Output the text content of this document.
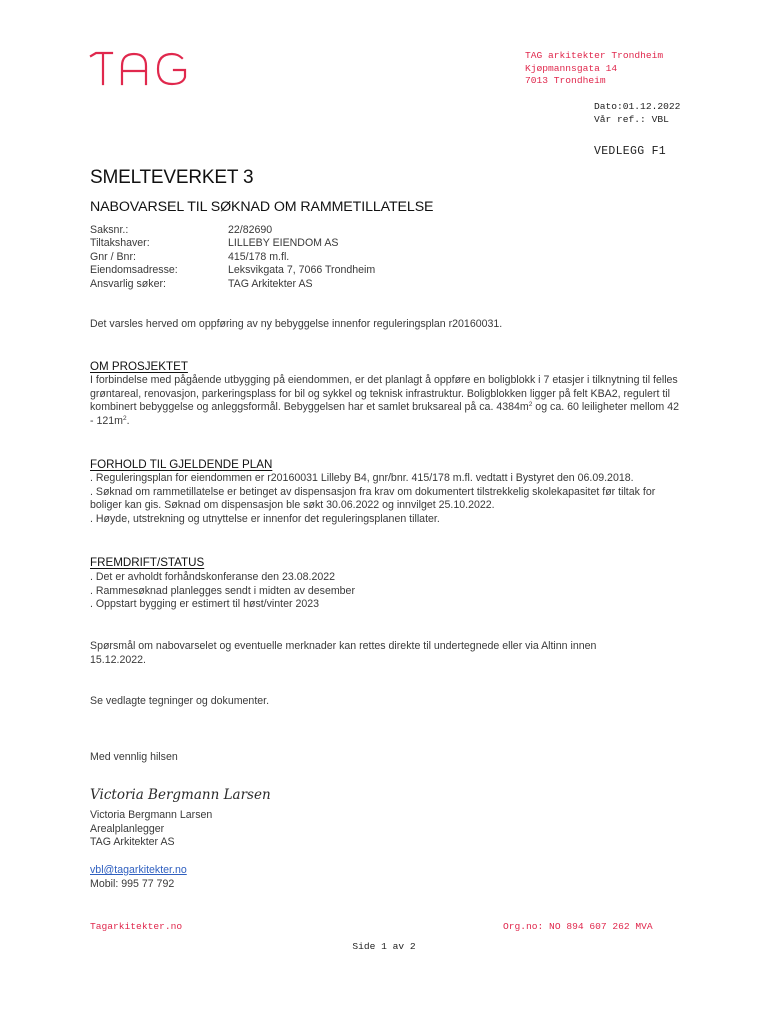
TAG arkitekter Trondheim
Kjøpmannsgata 14
7013 Trondheim
Dato:01.12.2022
Vår ref.: VBL
VEDLEGG F1
SMELTEVERKET 3
NABOVARSEL TIL SØKNAD OM RAMMETILLATELSE
Saksnr.:	22/82690
Tiltakshaver:	LILLEBY EIENDOM AS
Gnr / Bnr:	415/178 m.fl.
Eiendomsadresse:	Leksvikgata 7, 7066 Trondheim
Ansvarlig søker:	TAG Arkitekter AS
Det varsles herved om oppføring av ny bebyggelse innenfor reguleringsplan r20160031.
OM PROSJEKTET
I forbindelse med pågående utbygging på eiendommen, er det planlagt å oppføre en boligblokk i 7 etasjer i tilknytning til felles grøntareal, renovasjon, parkeringsplass for bil og sykkel og teknisk infrastruktur. Boligblokken ligger på felt KBA2, regulert til kombinert bebyggelse og anleggsformål. Bebyggelsen har et samlet bruksareal på ca. $4384m^2$ og ca. 60 leiligheter mellom $42 - 121m^2$.
FORHOLD TIL GJELDENDE PLAN
. Reguleringsplan for eiendommen er r20160031 Lilleby B4, gnr/bnr. 415/178 m.fl. vedtatt i Bystyret den 06.09.2018.
. Søknad om rammetillatelse er betinget av dispensasjon fra krav om dokumentert tilstrekkelig skolekapasitet før tiltak for boliger kan gis. Søknad om dispensasjon ble søkt 30.06.2022 og innvilget 25.10.2022.
. Høyde, utstrekning og utnyttelse er innenfor det reguleringsplanen tillater.
FREMDRIFT/STATUS
. Det er avholdt forhåndskonferanse den 23.08.2022
. Rammesøknad planlegges sendt i midten av desember
. Oppstart bygging er estimert til høst/vinter 2023
Spørsmål om nabovarselet og eventuelle merknader kan rettes direkte til undertegnede eller via Altinn innen 15.12.2022.
Se vedlagte tegninger og dokumenter.
Med vennlig hilsen
Victoria Bergmann Larsen
Victoria Bergmann Larsen
Arealplanlegger
TAG Arkitekter AS
vbl@tagarkitekter.no
Mobil: 995 77 792
Tagarkitekter.no	Org.no: NO 894 607 262 MVA
Side 1 av 2
